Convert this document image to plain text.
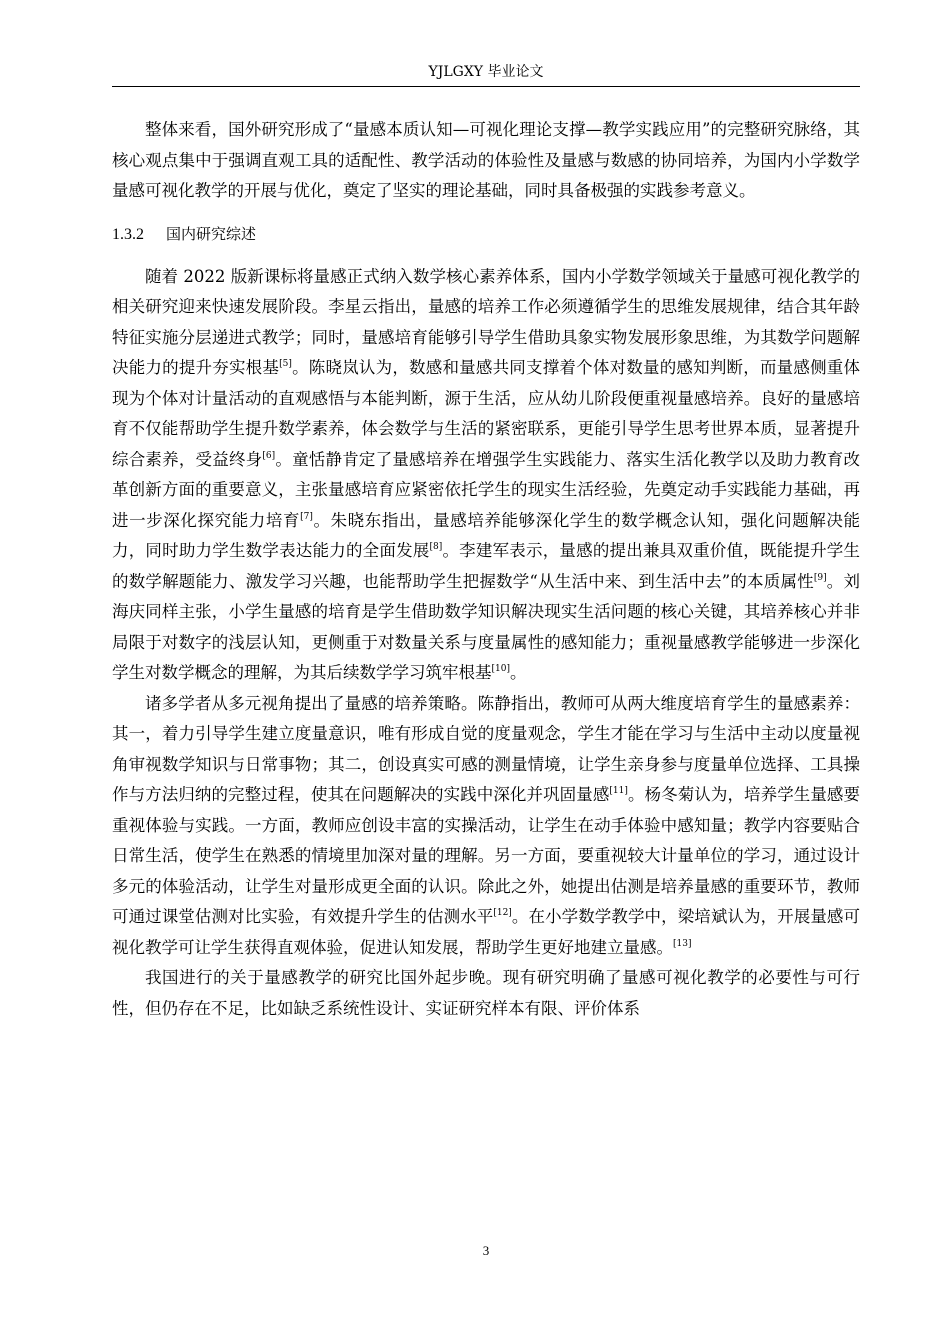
YJLGXY 毕业论文

整体来看，国外研究形成了“量感本质认知—可视化理论支撑—教学实践应用”的完整研究脉络，其核心观点集中于强调直观工具的适配性、教学活动的体验性及量感与数感的协同培养，为国内小学数学量感可视化教学的开展与优化，奠定了坚实的理论基础，同时具备极强的实践参考意义。

1.3.2 国内研究综述

随着 2022 版新课标将量感正式纳入数学核心素养体系，国内小学数学领域关于量感可视化教学的相关研究迎来快速发展阶段。李星云指出，量感的培养工作必须遵循学生的思维发展规律，结合其年龄特征实施分层递进式教学；同时，量感培育能够引导学生借助具象实物发展形象思维，为其数学问题解决能力的提升夯实根基[5]。陈晓岚认为，数感和量感共同支撑着个体对数量的感知判断，而量感侧重体现为个体对计量活动的直观感悟与本能判断，源于生活，应从幼儿阶段便重视量感培养。良好的量感培育不仅能帮助学生提升数学素养，体会数学与生活的紧密联系，更能引导学生思考世界本质，显著提升综合素养，受益终身[6]。童恬静肯定了量感培养在增强学生实践能力、落实生活化教学以及助力教育改革创新方面的重要意义，主张量感培育应紧密依托学生的现实生活经验，先奠定动手实践能力基础，再进一步深化探究能力培育[7]。朱晓东指出，量感培养能够深化学生的数学概念认知，强化问题解决能力，同时助力学生数学表达能力的全面发展[8]。李建军表示，量感的提出兼具双重价值，既能提升学生的数学解题能力、激发学习兴趣，也能帮助学生把握数学“从生活中来、到生活中去”的本质属性[9]。刘海庆同样主张，小学生量感的培育是学生借助数学知识解决现实生活问题的核心关键，其培养核心并非局限于对数字的浅层认知，更侧重于对数量关系与度量属性的感知能力；重视量感教学能够进一步深化学生对数学概念的理解，为其后续数学学习筑牢根基[10]。

诸多学者从多元视角提出了量感的培养策略。陈静指出，教师可从两大维度培育学生的量感素养：其一，着力引导学生建立度量意识，唯有形成自觉的度量观念，学生才能在学习与生活中主动以度量视角审视数学知识与日常事物；其二，创设真实可感的测量情境，让学生亲身参与度量单位选择、工具操作与方法归纳的完整过程，使其在问题解决的实践中深化并巩固量感[11]。杨冬菊认为，培养学生量感要重视体验与实践。一方面，教师应创设丰富的实操活动，让学生在动手体验中感知量；教学内容要贴合日常生活，使学生在熟悉的情境里加深对量的理解。另一方面，要重视较大计量单位的学习，通过设计多元的体验活动，让学生对量形成更全面的认识。除此之外，她提出估测是培养量感的重要环节，教师可通过课堂估测对比实验，有效提升学生的估测水平[12]。在小学数学教学中，梁培斌认为，开展量感可视化教学可让学生获得直观体验，促进认知发展，帮助学生更好地建立量感。[13]

我国进行的关于量感教学的研究比国外起步晚。现有研究明确了量感可视化教学的必要性与可行性，但仍存在不足，比如缺乏系统性设计、实证研究样本有限、评价体系

3
